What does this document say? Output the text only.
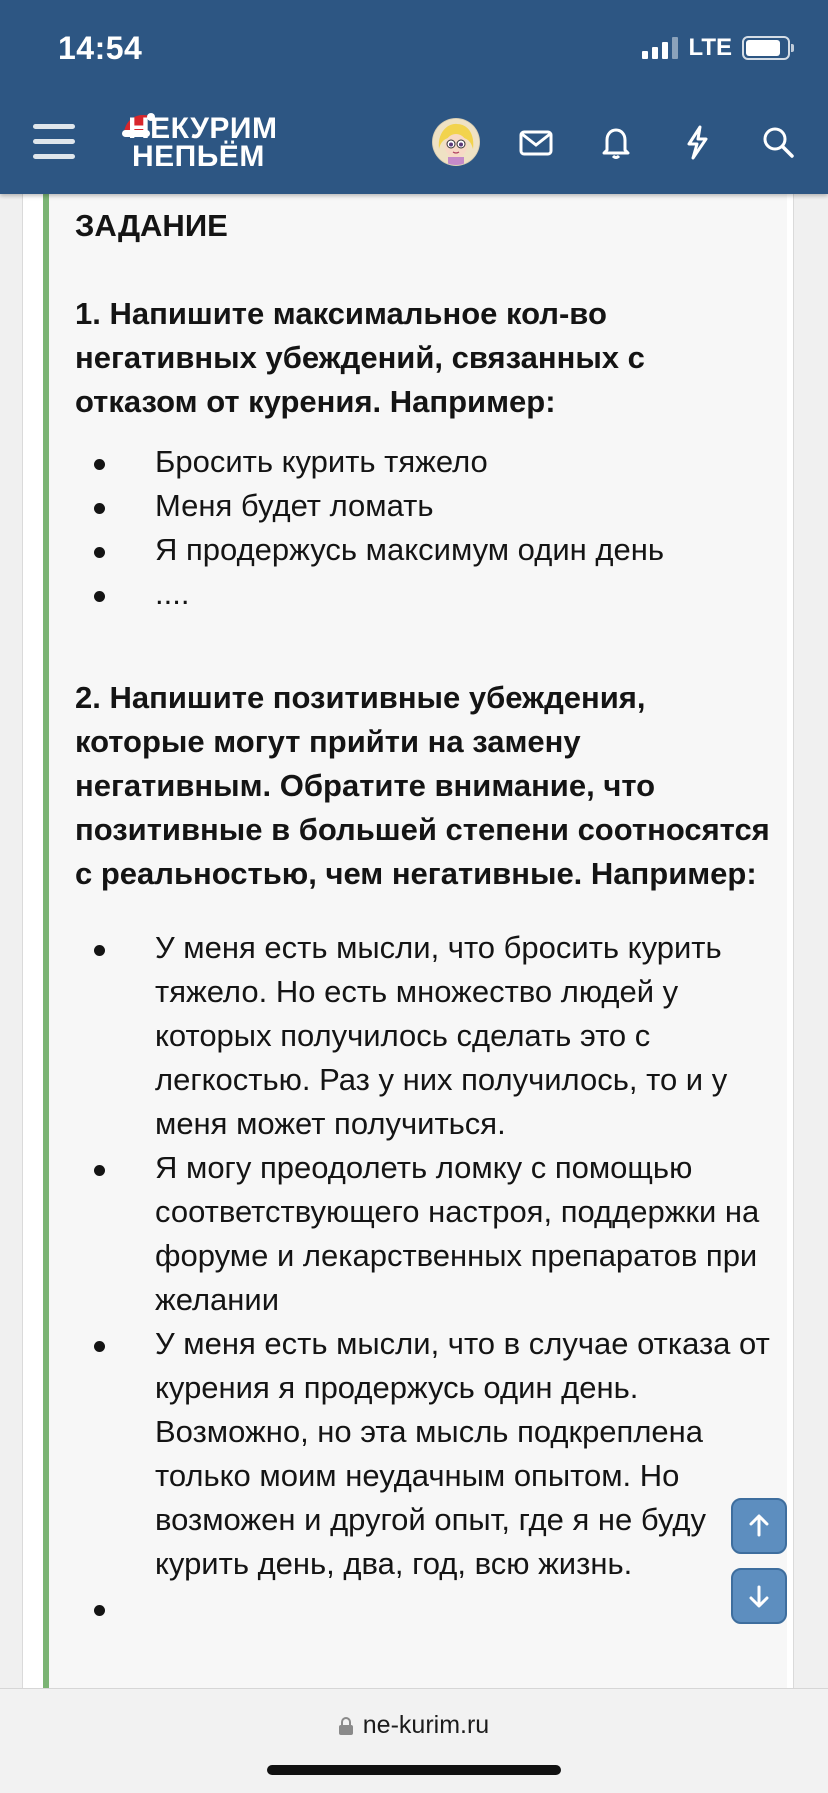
14:54	LTE
НЕКУРИМ
НЕПЬЁМ

ЗАДАНИЕ

1. Напишите максимальное кол-во негативных убеждений, связанных с отказом от курения. Например:

Бросить курить тяжело
Меня будет ломать
Я продержусь максимум один день
....

2. Напишите позитивные убеждения, которые могут прийти на замену негативным. Обратите внимание, что позитивные в большей степени соотносятся с реальностью, чем негативные. Например:

У меня есть мысли, что бросить курить тяжело. Но есть множество людей у которых получилось сделать это с легкостью. Раз у них получилось, то и у меня может получиться.
Я могу преодолеть ломку с помощью соответствующего настроя, поддержки на форуме и лекарственных препаратов при желании
У меня есть мысли, что в случае отказа от курения я продержусь один день. Возможно, но эта мысль подкреплена только моим неудачным опытом. Но возможен и другой опыт, где я не буду курить день, два, год, всю жизнь.
ne-kurim.ru
